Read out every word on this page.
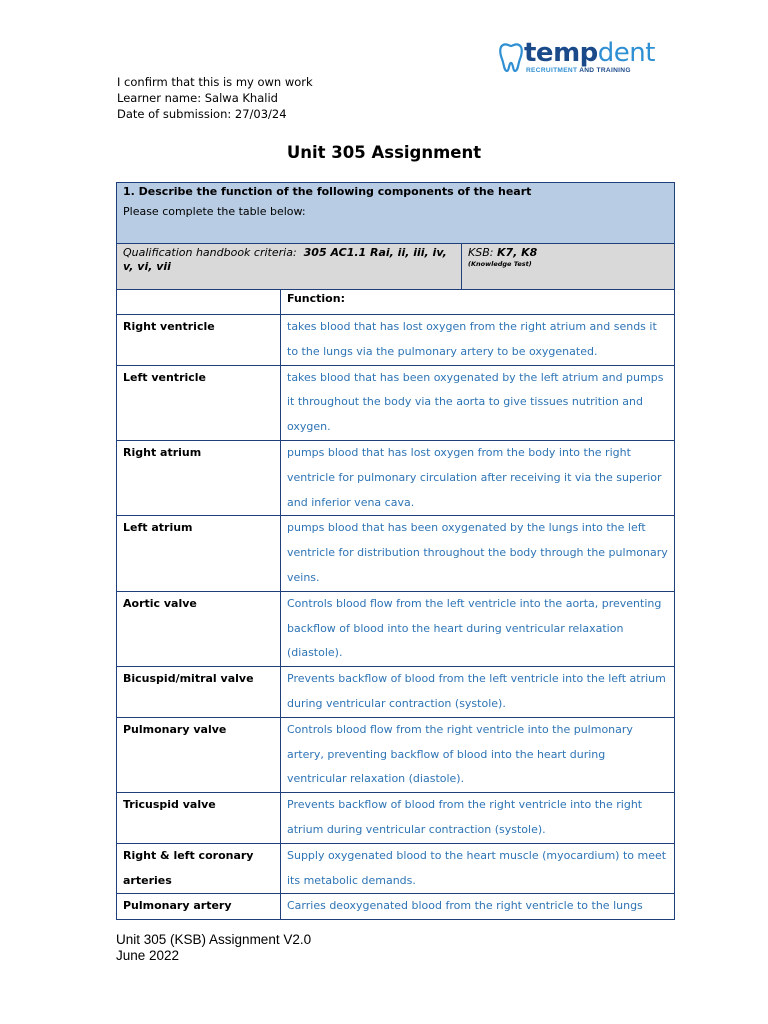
tempdent
RECRUITMENT AND TRAINING
I confirm that this is my own work
Learner name: Salwa Khalid
Date of submission: 27/03/24
Unit 305 Assignment
1. Describe the function of the following components of the heart
Please complete the table below:		

Qualification handbook criteria: 305 AC1.1 Rai, ii, iii, iv, v, vi, vii		KSB: K7, K8
(Knowledge Test)

	Function:	
Right ventricle	takes blood that has lost oxygen from the right atrium and sends it to the lungs via the pulmonary artery to be oxygenated.	
Left ventricle	takes blood that has been oxygenated by the left atrium and pumps it throughout the body via the aorta to give tissues nutrition and oxygen.	
Right atrium	pumps blood that has lost oxygen from the body into the right ventricle for pulmonary circulation after receiving it via the superior and inferior vena cava.	
Left atrium	pumps blood that has been oxygenated by the lungs into the left ventricle for distribution throughout the body through the pulmonary veins.	
Aortic valve	Controls blood flow from the left ventricle into the aorta, preventing backflow of blood into the heart during ventricular relaxation (diastole).	
Bicuspid/mitral valve	Prevents backflow of blood from the left ventricle into the left atrium during ventricular contraction (systole).	
Pulmonary valve	Controls blood flow from the right ventricle into the pulmonary artery, preventing backflow of blood into the heart during ventricular relaxation (diastole).	
Tricuspid valve	Prevents backflow of blood from the right ventricle into the right atrium during ventricular contraction (systole).	
Right & left coronary arteries	Supply oxygenated blood to the heart muscle (myocardium) to meet its metabolic demands.	
Pulmonary artery	Carries deoxygenated blood from the right ventricle to the lungs	
Unit 305 (KSB) Assignment V2.0
June 2022
